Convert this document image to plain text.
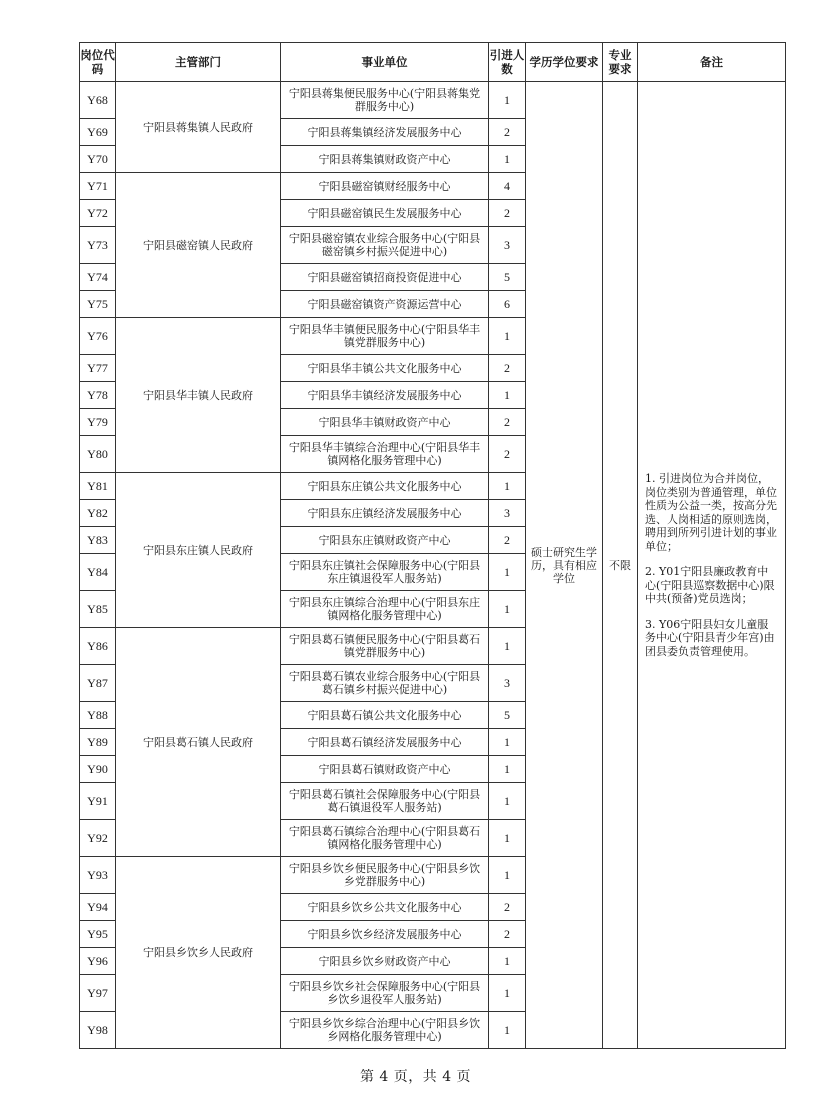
岗位代码	主管部门	事业单位	引进人数	学历学位要求	专业要求	备注
Y68	宁阳县蒋集镇人民政府	宁阳县蒋集便民服务中心(宁阳县蒋集党群服务中心)	1	硕士研究生学历，具有相应学位	不限	1. 引进岗位为合并岗位，岗位类别为普通管理，单位性质为公益一类，按高分先选、人岗相适的原则选岗，聘用到所列引进计划的事业单位；

2. Y01宁阳县廉政教育中心(宁阳县巡察数据中心)限中共(预备)党员选岗；

3. Y06宁阳县妇女儿童服务中心(宁阳县青少年宫)由团县委负责管理使用。

Y69		宁阳县蒋集镇经济发展服务中心	2			
Y70		宁阳县蒋集镇财政资产中心	1			
Y71	宁阳县磁窑镇人民政府	宁阳县磁窑镇财经服务中心	4			
Y72		宁阳县磁窑镇民生发展服务中心	2			
Y73		宁阳县磁窑镇农业综合服务中心(宁阳县磁窑镇乡村振兴促进中心)	3			
Y74		宁阳县磁窑镇招商投资促进中心	5			
Y75		宁阳县磁窑镇资产资源运营中心	6			
Y76	宁阳县华丰镇人民政府	宁阳县华丰镇便民服务中心(宁阳县华丰镇党群服务中心)	1			
Y77		宁阳县华丰镇公共文化服务中心	2			
Y78		宁阳县华丰镇经济发展服务中心	1			
Y79		宁阳县华丰镇财政资产中心	2			
Y80		宁阳县华丰镇综合治理中心(宁阳县华丰镇网格化服务管理中心)	2			
Y81	宁阳县东庄镇人民政府	宁阳县东庄镇公共文化服务中心	1			
Y82		宁阳县东庄镇经济发展服务中心	3			
Y83		宁阳县东庄镇财政资产中心	2			
Y84		宁阳县东庄镇社会保障服务中心(宁阳县东庄镇退役军人服务站)	1			
Y85		宁阳县东庄镇综合治理中心(宁阳县东庄镇网格化服务管理中心)	1			
Y86	宁阳县葛石镇人民政府	宁阳县葛石镇便民服务中心(宁阳县葛石镇党群服务中心)	1			
Y87		宁阳县葛石镇农业综合服务中心(宁阳县葛石镇乡村振兴促进中心)	3			
Y88		宁阳县葛石镇公共文化服务中心	5			
Y89		宁阳县葛石镇经济发展服务中心	1			
Y90		宁阳县葛石镇财政资产中心	1			
Y91		宁阳县葛石镇社会保障服务中心(宁阳县葛石镇退役军人服务站)	1			
Y92		宁阳县葛石镇综合治理中心(宁阳县葛石镇网格化服务管理中心)	1			
Y93	宁阳县乡饮乡人民政府	宁阳县乡饮乡便民服务中心(宁阳县乡饮乡党群服务中心)	1			
Y94		宁阳县乡饮乡公共文化服务中心	2			
Y95		宁阳县乡饮乡经济发展服务中心	2			
Y96		宁阳县乡饮乡财政资产中心	1			
Y97		宁阳县乡饮乡社会保障服务中心(宁阳县乡饮乡退役军人服务站)	1			
Y98		宁阳县乡饮乡综合治理中心(宁阳县乡饮乡网格化服务管理中心)	1			
第 4 页，共 4 页
